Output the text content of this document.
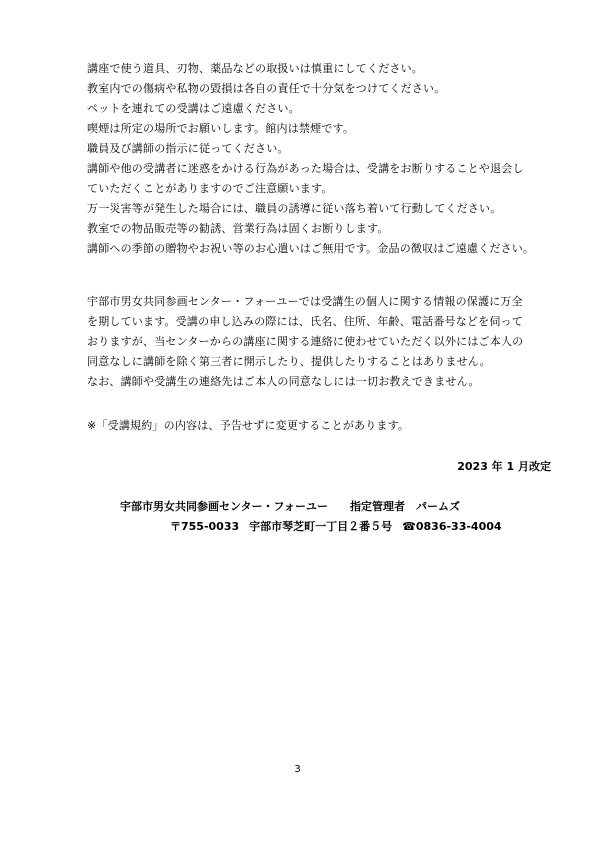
講座で使う道具、刃物、薬品などの取扱いは慎重にしてください。
教室内での傷病や私物の毀損は各自の責任で十分気をつけてください。
ペットを連れての受講はご遠慮ください。
喫煙は所定の場所でお願いします。館内は禁煙です。
職員及び講師の指示に従ってください。
講師や他の受講者に迷惑をかける行為があった場合は、受講をお断りすることや退会し
ていただくことがありますのでご注意願います。
万一災害等が発生した場合には、職員の誘導に従い落ち着いて行動してください。
教室での物品販売等の勧誘、営業行為は固くお断りします。
講師への季節の贈物やお祝い等のお心遣いはご無用です。金品の徴収はご遠慮ください。
宇部市男女共同参画センター・フォーユーでは受講生の個人に関する情報の保護に万全
を期しています。受講の申し込みの際には、氏名、住所、年齢、電話番号などを伺って
おりますが、当センターからの講座に関する連絡に使わせていただく以外にはご本人の
同意なしに講師を除く第三者に開示したり、提供したりすることはありません。
なお、講師や受講生の連絡先はご本人の同意なしには一切お教えできません。
※「受講規約」の内容は、予告せずに変更することがあります。
2023 年 1 月改定
宇部市男女共同参画センター・フォーユー 指定管理者　パームズ
〒755-0033 宇部市琴芝町一丁目２番５号 ☎0836-33-4004
3
